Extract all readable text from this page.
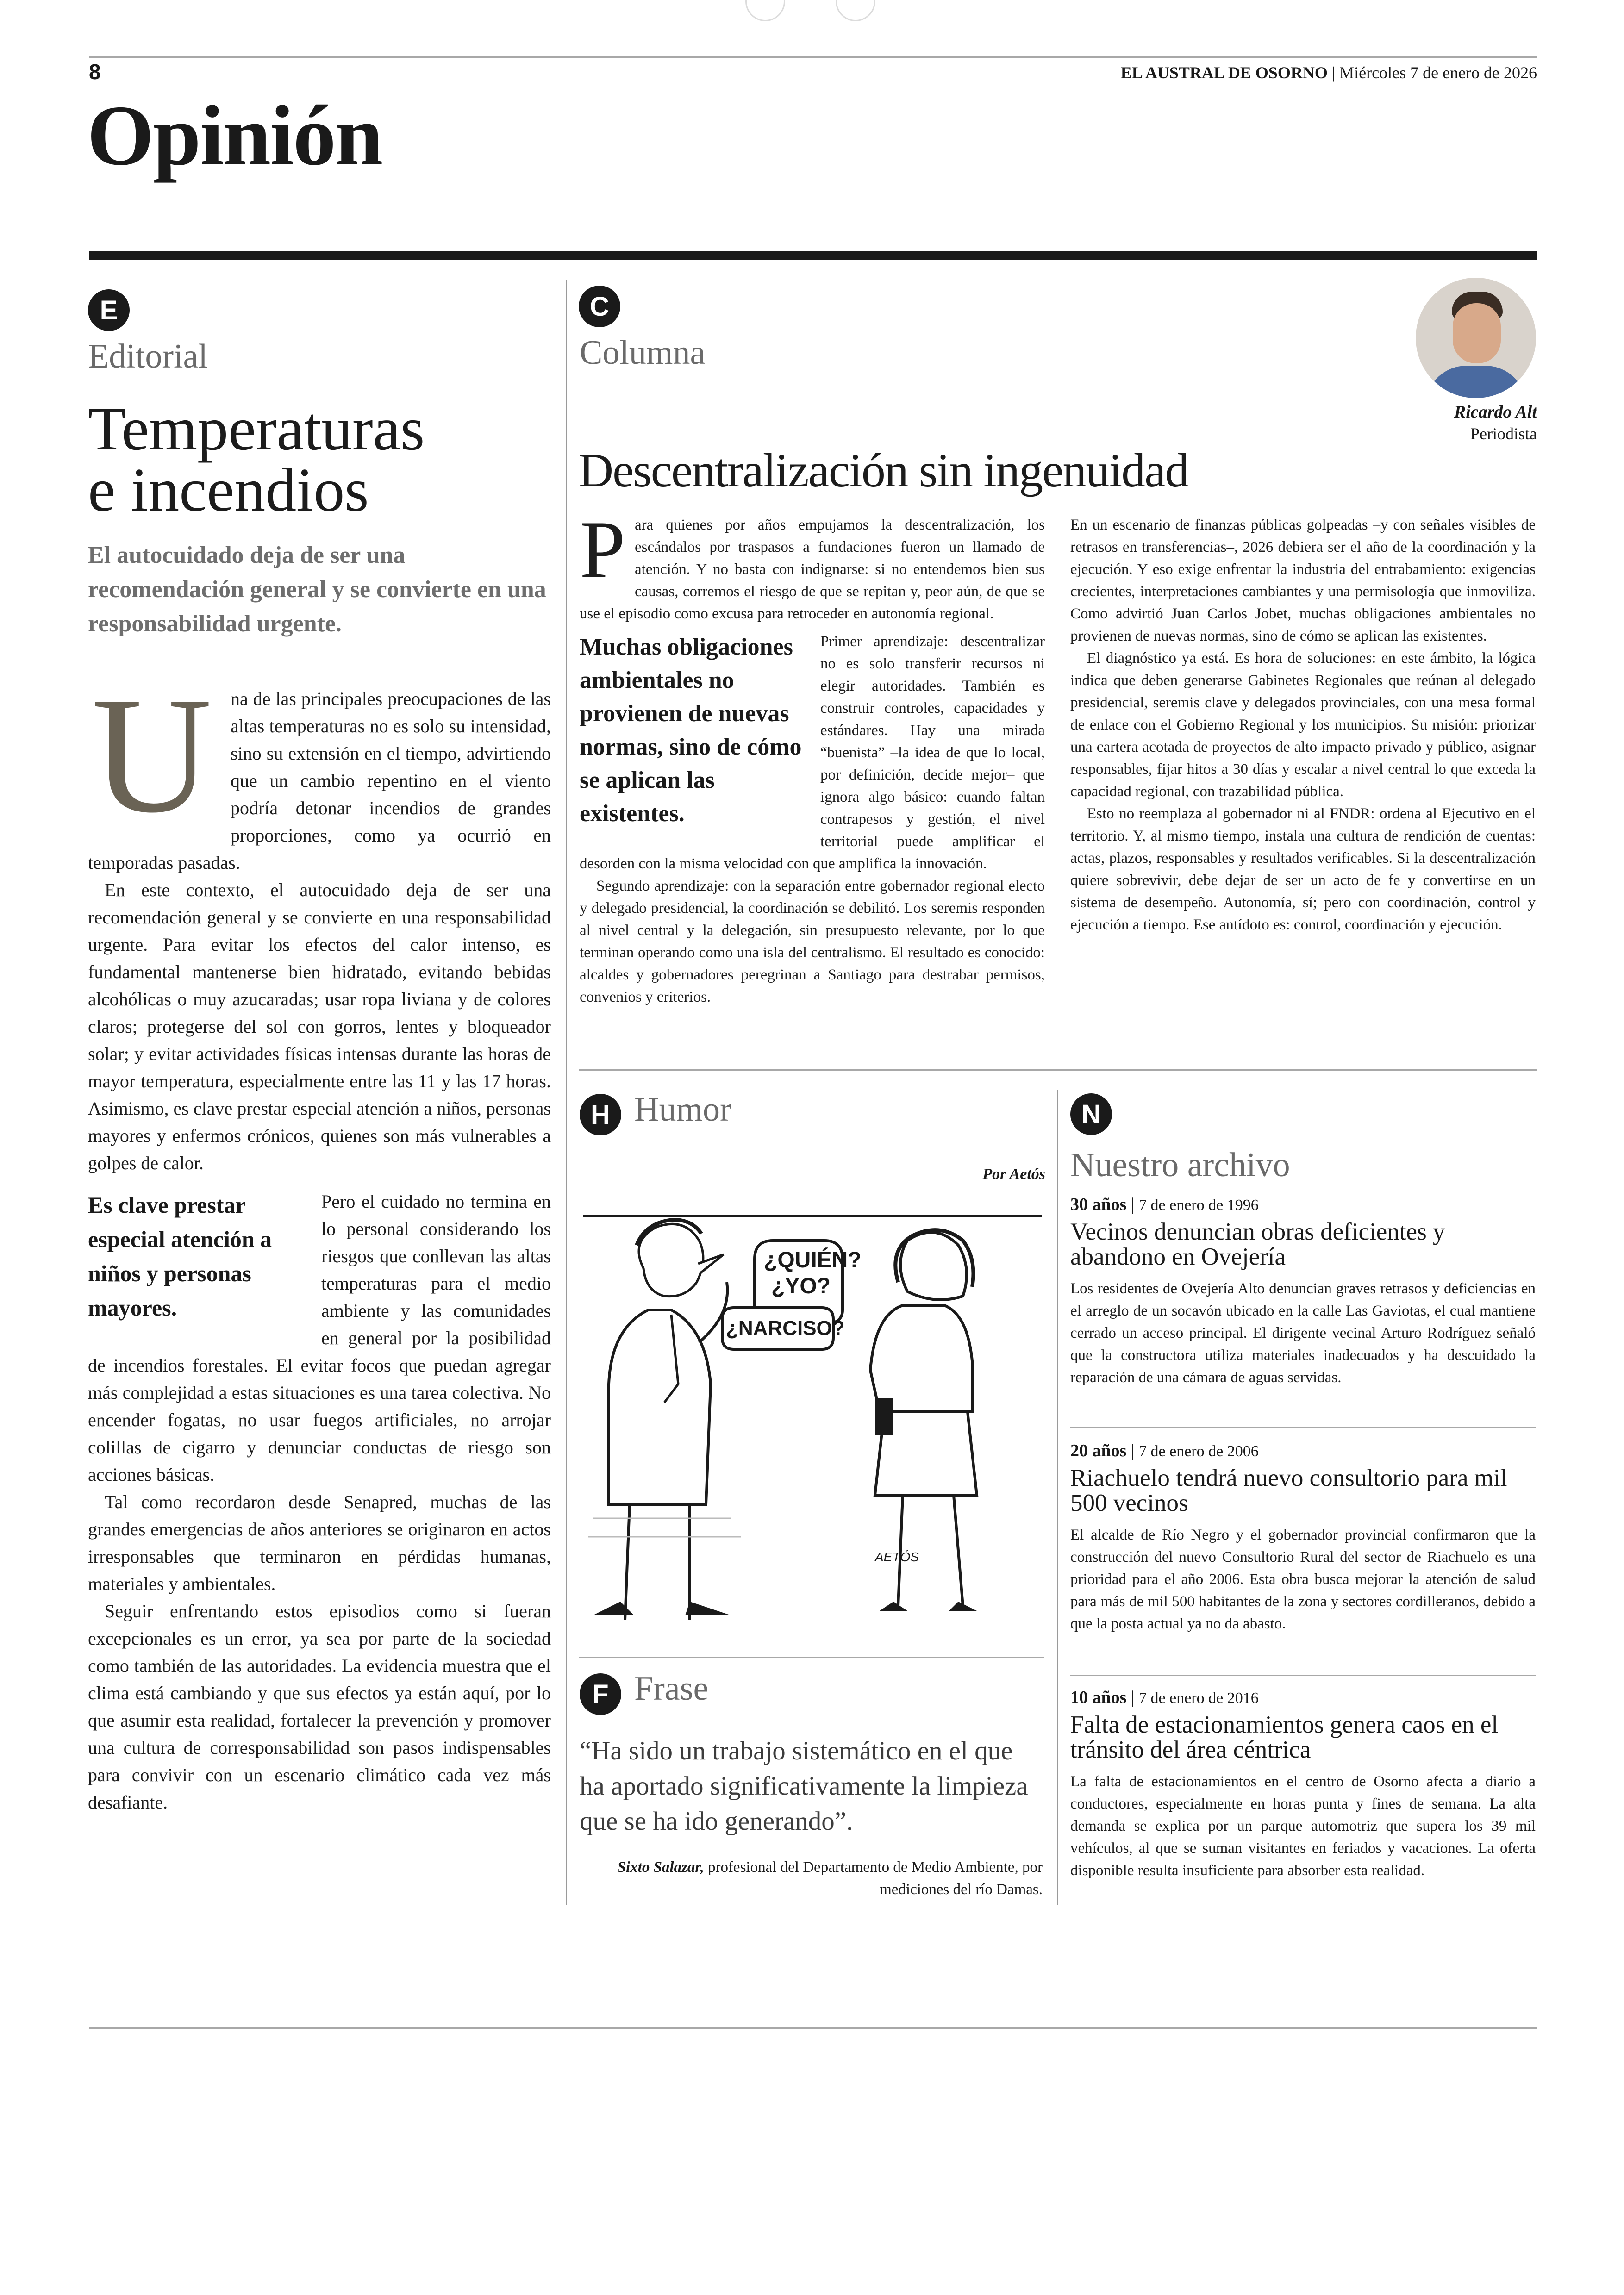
8	EL AUSTRAL DE OSORNO | Miércoles 7 de enero de 2026
Opinión
E
Editorial
Temperaturas
e incendios
El autocuidado deja de ser una recomendación general y se convierte en una responsabilidad urgente.
U	na de las principales preocupaciones de las altas temperaturas no es solo su intensidad, sino su extensión en el tiempo, advirtiendo que un cambio repentino en el viento podría detonar incendios de grandes proporciones, como ya ocurrió en temporadas pasadas.

En este contexto, el autocuidado deja de ser una recomendación general y se convierte en una responsabilidad urgente. Para evitar los efectos del calor intenso, es fundamental mantenerse bien hidratado, evitando bebidas alcohólicas o muy azucaradas; usar ropa liviana y de colores claros; protegerse del sol con gorros, lentes y bloqueador solar; y evitar actividades físicas intensas durante las horas de mayor temperatura, especialmente entre las 11 y las 17 horas. Asimismo, es clave prestar especial atención a niños, personas mayores y enfermos crónicos, quienes son más vulnerables a golpes de calor.

Es clave prestar especial atención a niños y personas mayores.

Pero el cuidado no termina en lo personal considerando los riesgos que conllevan las altas temperaturas para el medio ambiente y las comunidades en general por la posibilidad de incendios forestales. El evitar focos que puedan agregar más complejidad a estas situaciones es una tarea colectiva. No encender fogatas, no usar fuegos artificiales, no arrojar colillas de cigarro y denunciar conductas de riesgo son acciones básicas.

Tal como recordaron desde Senapred, muchas de las grandes emergencias de años anteriores se originaron en actos irresponsables que terminaron en pérdidas humanas, materiales y ambientales.

Seguir enfrentando estos episodios como si fueran excepcionales es un error, ya sea por parte de la sociedad como también de las autoridades. La evidencia muestra que el clima está cambiando y que sus efectos ya están aquí, por lo que asumir esta realidad, fortalecer la prevención y promover una cultura de corresponsabilidad son pasos indispensables para convivir con un escenario climático cada vez más desafiante.

C
Columna
Ricardo Alt
Periodista
Descentralización sin ingenuidad
P ara quienes por años empujamos la descentralización, los escándalos por traspasos a fundaciones fueron un llamado de atención. Y no basta con indignarse: si no entendemos bien sus causas, corremos el riesgo de que se repitan y, peor aún, de que se use el episodio como excusa para retroceder en autonomía regional.

Muchas obligaciones ambientales no provienen de nuevas normas, sino de cómo se aplican las existentes.

Primer aprendizaje: descentralizar no es solo transferir recursos ni elegir autoridades. También es construir controles, capacidades y estándares. Hay una mirada “buenista” –la idea de que lo local, por definición, decide mejor– que ignora algo básico: cuando faltan contrapesos y gestión, el nivel territorial puede amplificar el desorden con la misma velocidad con que amplifica la innovación.

Segundo aprendizaje: con la separación entre gobernador regional electo y delegado presidencial, la coordinación se debilitó. Los seremis responden al nivel central y la delegación, sin presupuesto relevante, por lo que terminan operando como una isla del centralismo. El resultado es conocido: alcaldes y gobernadores peregrinan a Santiago para destrabar permisos, convenios y criterios.

En un escenario de finanzas públicas golpeadas –y con señales visibles de retrasos en transferencias–, 2026 debiera ser el año de la coordinación y la ejecución. Y eso exige enfrentar la industria del entrabamiento: exigencias crecientes, interpretaciones cambiantes y una permisología que inmoviliza. Como advirtió Juan Carlos Jobet, muchas obligaciones ambientales no provienen de nuevas normas, sino de cómo se aplican las existentes.

El diagnóstico ya está. Es hora de soluciones: en este ámbito, la lógica indica que deben generarse Gabinetes Regionales que reúnan al delegado presidencial, seremis clave y delegados provinciales, con una mesa formal de enlace con el Gobierno Regional y los municipios. Su misión: priorizar una cartera acotada de proyectos de alto impacto privado y público, asignar responsables, fijar hitos a 30 días y escalar a nivel central lo que exceda la capacidad regional, con trazabilidad pública.

Esto no reemplaza al gobernador ni al FNDR: ordena al Ejecutivo en el territorio. Y, al mismo tiempo, instala una cultura de rendición de cuentas: actas, plazos, responsables y resultados verificables. Si la descentralización quiere sobrevivir, debe dejar de ser un acto de fe y convertirse en un sistema de desempeño. Autonomía, sí; pero con coordinación, control y ejecución a tiempo. Ese antídoto es: control, coordinación y ejecución.

H Humor
Por Aetós
¿QUIÉN? ¿YO?
¿NARCISO?
AETÓS
F Frase
“Ha sido un trabajo sistemático en el que ha aportado significativamente la limpieza que se ha ido generando”.
Sixto Salazar, profesional del Departamento de Medio Ambiente, por mediciones del río Damas.
N
Nuestro archivo
30 años | 7 de enero de 1996
Vecinos denuncian obras deficientes y abandono en Ovejería
Los residentes de Ovejería Alto denuncian graves retrasos y deficiencias en el arreglo de un socavón ubicado en la calle Las Gaviotas, el cual mantiene cerrado un acceso principal. El dirigente vecinal Arturo Rodríguez señaló que la constructora utiliza materiales inadecuados y ha descuidado la reparación de una cámara de aguas servidas.
20 años | 7 de enero de 2006
Riachuelo tendrá nuevo consultorio para mil 500 vecinos
El alcalde de Río Negro y el gobernador provincial confirmaron que la construcción del nuevo Consultorio Rural del sector de Riachuelo es una prioridad para el año 2006. Esta obra busca mejorar la atención de salud para más de mil 500 habitantes de la zona y sectores cordilleranos, debido a que la posta actual ya no da abasto.
10 años | 7 de enero de 2016
Falta de estacionamientos genera caos en el tránsito del área céntrica
La falta de estacionamientos en el centro de Osorno afecta a diario a conductores, especialmente en horas punta y fines de semana. La alta demanda se explica por un parque automotriz que supera los 39 mil vehículos, al que se suman visitantes en feriados y vacaciones. La oferta disponible resulta insuficiente para absorber esta realidad.
